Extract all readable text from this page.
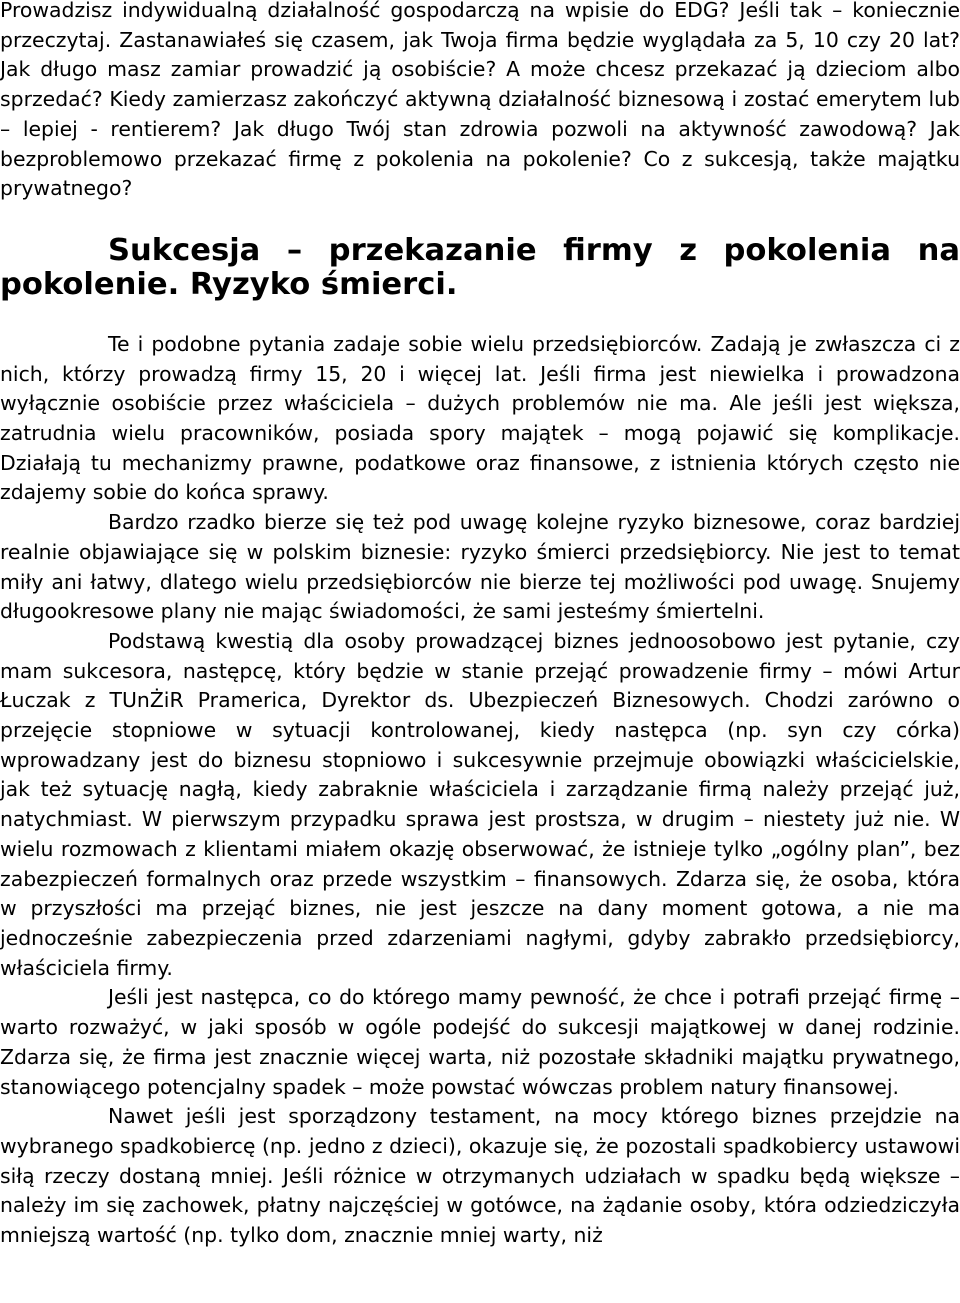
Prowadzisz indywidualną działalność gospodarczą na wpisie do EDG? Jeśli tak – koniecznie przeczytaj. Zastanawiałeś się czasem, jak Twoja firma będzie wyglądała za 5, 10 czy 20 lat? Jak długo masz zamiar prowadzić ją osobiście? A może chcesz przekazać ją dzieciom albo sprzedać? Kiedy zamierzasz zakończyć aktywną działalność biznesową i zostać emerytem lub – lepiej - rentierem? Jak długo Twój stan zdrowia pozwoli na aktywność zawodową? Jak bezproblemowo przekazać firmę z pokolenia na pokolenie? Co z sukcesją, także majątku prywatnego?

Sukcesja – przekazanie firmy z pokolenia na pokolenie. Ryzyko śmierci.

Te i podobne pytania zadaje sobie wielu przedsiębiorców. Zadają je zwłaszcza ci z nich, którzy prowadzą firmy 15, 20 i więcej lat. Jeśli firma jest niewielka i prowadzona wyłącznie osobiście przez właściciela – dużych problemów nie ma. Ale jeśli jest większa, zatrudnia wielu pracowników, posiada spory majątek – mogą pojawić się komplikacje. Działają tu mechanizmy prawne, podatkowe oraz finansowe, z istnienia których często nie zdajemy sobie do końca sprawy.

Bardzo rzadko bierze się też pod uwagę kolejne ryzyko biznesowe, coraz bardziej realnie objawiające się w polskim biznesie: ryzyko śmierci przedsiębiorcy. Nie jest to temat miły ani łatwy, dlatego wielu przedsiębiorców nie bierze tej możliwości pod uwagę. Snujemy długookresowe plany nie mając świadomości, że sami jesteśmy śmiertelni.

Podstawą kwestią dla osoby prowadzącej biznes jednoosobowo jest pytanie, czy mam sukcesora, następcę, który będzie w stanie przejąć prowadzenie firmy – mówi Artur Łuczak z TUnŻiR Pramerica, Dyrektor ds. Ubezpieczeń Biznesowych. Chodzi zarówno o przejęcie stopniowe w sytuacji kontrolowanej, kiedy następca (np. syn czy córka) wprowadzany jest do biznesu stopniowo i sukcesywnie przejmuje obowiązki właścicielskie, jak też sytuację nagłą, kiedy zabraknie właściciela i zarządzanie firmą należy przejąć już, natychmiast. W pierwszym przypadku sprawa jest prostsza, w drugim – niestety już nie. W wielu rozmowach z klientami miałem okazję obserwować, że istnieje tylko „ogólny plan”, bez zabezpieczeń formalnych oraz przede wszystkim – finansowych. Zdarza się, że osoba, która w przyszłości ma przejąć biznes, nie jest jeszcze na dany moment gotowa, a nie ma jednocześnie zabezpieczenia przed zdarzeniami nagłymi, gdyby zabrakło przedsiębiorcy, właściciela firmy.

Jeśli jest następca, co do którego mamy pewność, że chce i potrafi przejąć firmę – warto rozważyć, w jaki sposób w ogóle podejść do sukcesji majątkowej w danej rodzinie. Zdarza się, że firma jest znacznie więcej warta, niż pozostałe składniki majątku prywatnego, stanowiącego potencjalny spadek – może powstać wówczas problem natury finansowej.

Nawet jeśli jest sporządzony testament, na mocy którego biznes przejdzie na wybranego spadkobiercę (np. jedno z dzieci), okazuje się, że pozostali spadkobiercy ustawowi siłą rzeczy dostaną mniej. Jeśli różnice w otrzymanych udziałach w spadku będą większe – należy im się zachowek, płatny najczęściej w gotówce, na żądanie osoby, która odziedziczyła mniejszą wartość (np. tylko dom, znacznie mniej warty, niż
